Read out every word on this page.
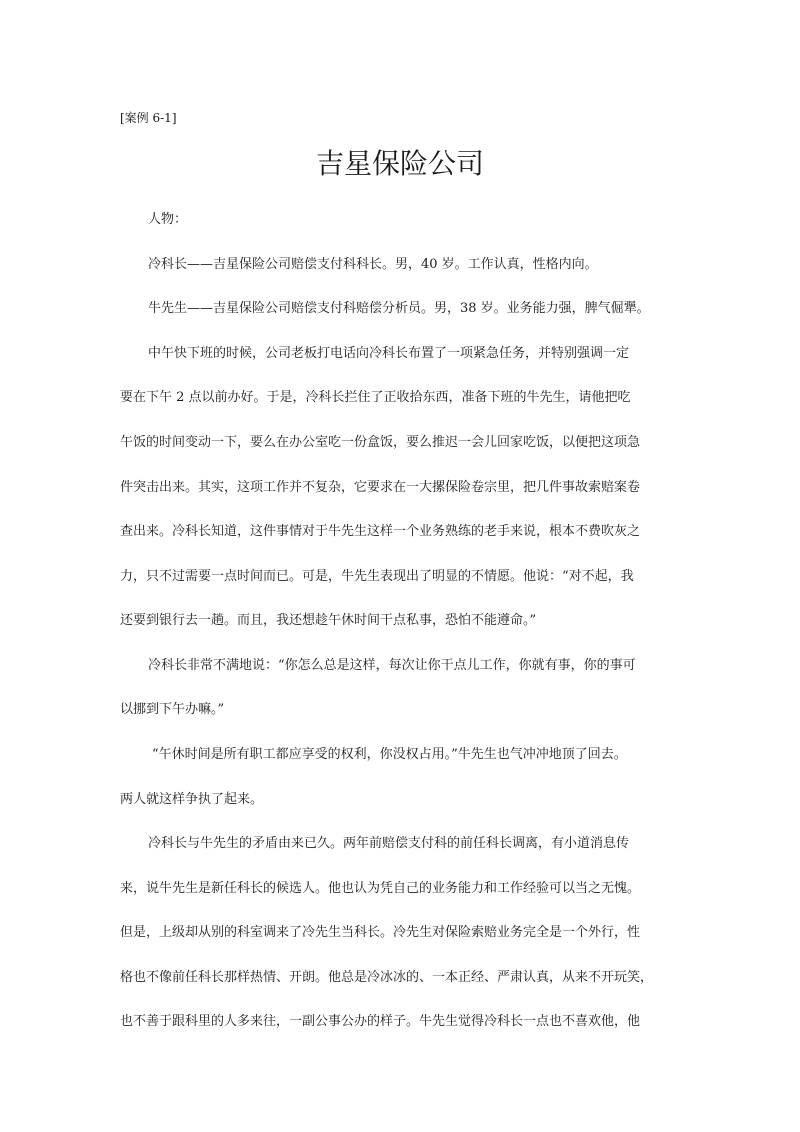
[案例 6-1]
吉星保险公司
人物：
冷科长——吉星保险公司赔偿支付科科长。男，40 岁。工作认真，性格内向。
牛先生——吉星保险公司赔偿支付科赔偿分析员。男，38 岁。业务能力强，脾气倔犟。
中午快下班的时候，公司老板打电话向冷科长布置了一项紧急任务，并特别强调一定
要在下午 2 点以前办好。于是，冷科长拦住了正收拾东西，准备下班的牛先生，请他把吃
午饭的时间变动一下，要么在办公室吃一份盒饭，要么推迟一会儿回家吃饭，以便把这项急
件突击出来。其实，这项工作并不复杂，它要求在一大摞保险卷宗里，把几件事故索赔案卷
查出来。冷科长知道，这件事情对于牛先生这样一个业务熟练的老手来说，根本不费吹灰之
力，只不过需要一点时间而已。可是，牛先生表现出了明显的不情愿。他说：“对不起，我
还要到银行去一趟。而且，我还想趁午休时间干点私事，恐怕不能遵命。”
冷科长非常不满地说：“你怎么总是这样，每次让你干点儿工作，你就有事，你的事可
以挪到下午办嘛。”
“午休时间是所有职工都应享受的权利，你没权占用。”牛先生也气冲冲地顶了回去。
两人就这样争执了起来。
冷科长与牛先生的矛盾由来已久。两年前赔偿支付科的前任科长调离，有小道消息传
来，说牛先生是新任科长的候选人。他也认为凭自己的业务能力和工作经验可以当之无愧。
但是，上级却从别的科室调来了冷先生当科长。冷先生对保险索赔业务完全是一个外行，性
格也不像前任科长那样热情、开朗。他总是冷冰冰的、一本正经、严肃认真，从来不开玩笑，
也不善于跟科里的人多来往，一副公事公办的样子。牛先生觉得冷科长一点也不喜欢他，他
